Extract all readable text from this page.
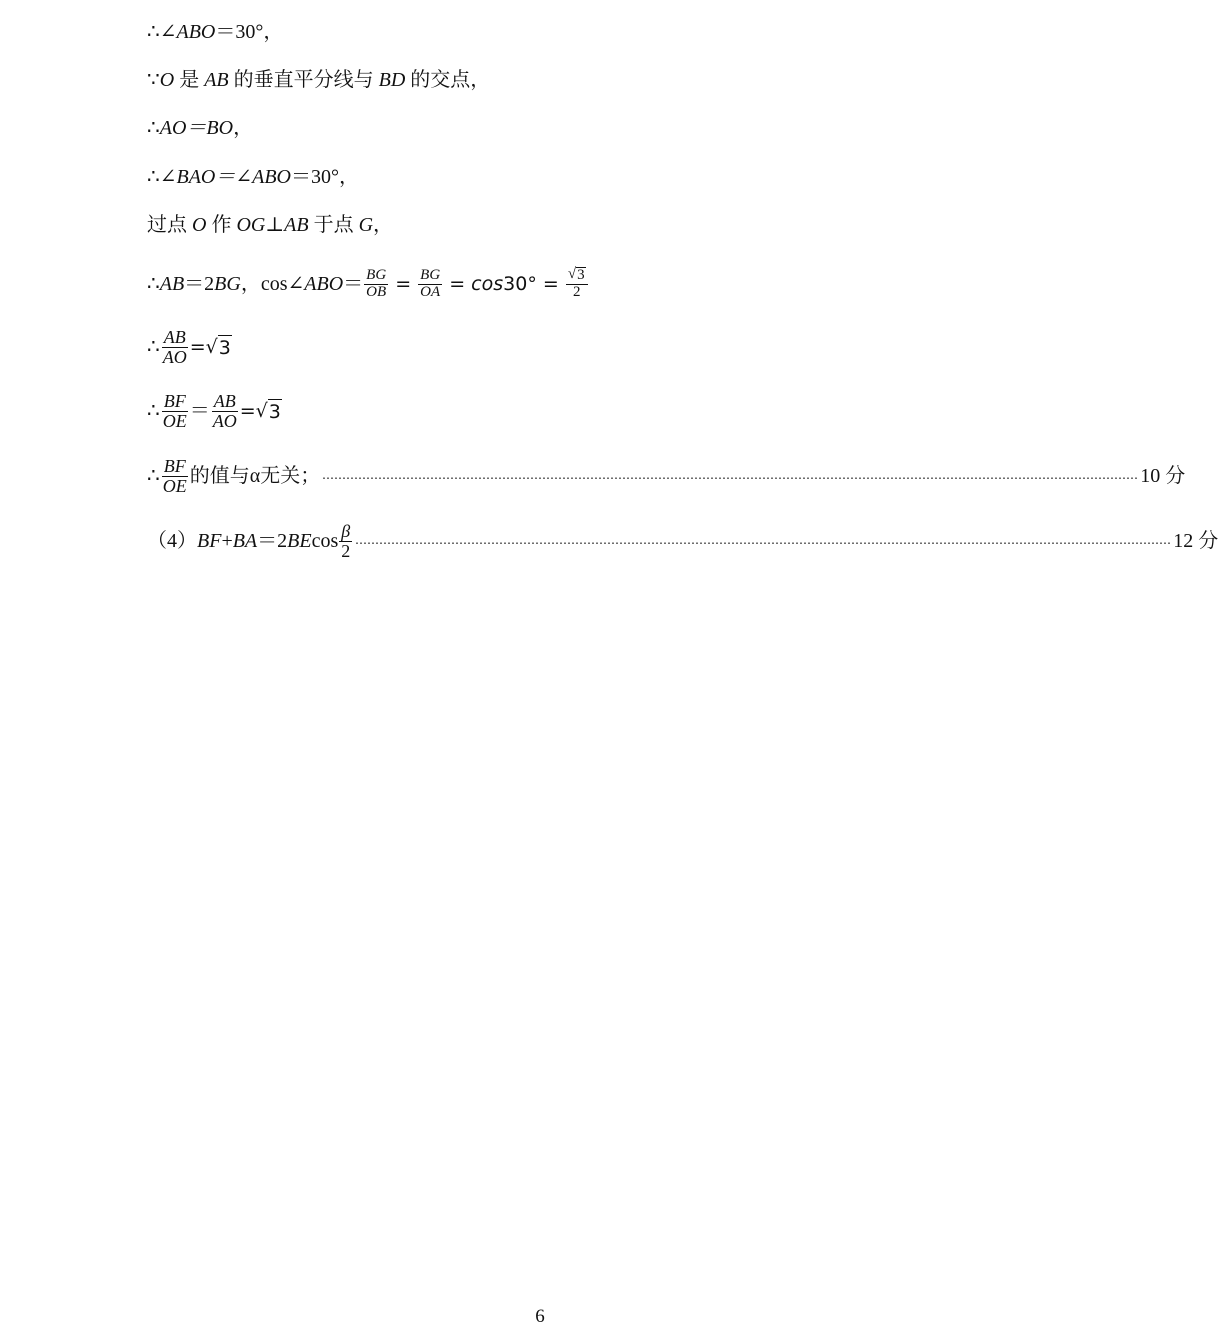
∴ ∠ABO ＝30°，
∵ O 是 AB 的垂直平分线与 BD 的交点，
∴ AO＝BO ，
∴ ∠BAO＝∠ABO ＝30°，
过点 O 作 OG ⊥ AB 于点 G ，
∴ AB ＝2 BG ，cos∠ ABO ＝ $\frac{BG}{OB} = \frac{BG}{OA} = \cos 30^\circ = \frac{√ 3}{2}$
∴ $\frac{AB}{AO}$ = √ 3
∴ $\frac{BF}{OE} = \frac{AB}{AO}$ = √ 3
∴ $\frac{BF}{OE}$ 的值与α无关； ............................................................................................................................................................................................................ 10 分
（4） BF + BA ＝2 BE $\cos \frac{\beta}{2}$ ............................................................................................................................................................................................................ 12 分
6
